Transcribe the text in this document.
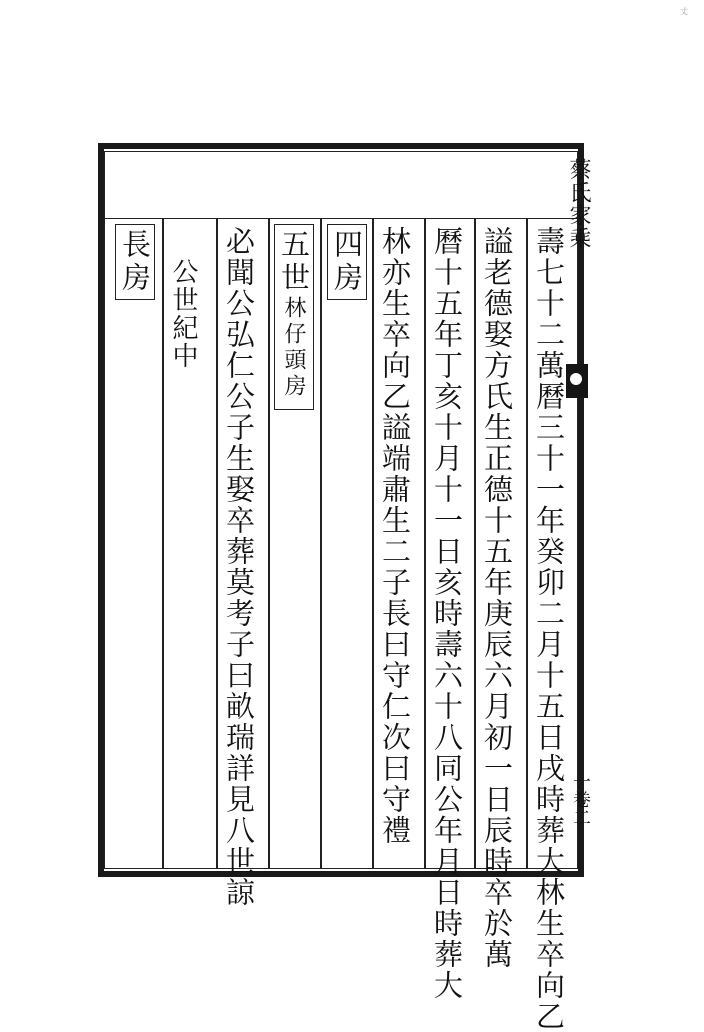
蔡氏家乘
一卷二
丈
壽七十二萬曆三十一年癸卯二月十五日戌時葬大林生卒向乙
謚老德娶方氏生正德十五年庚辰六月初一日辰時卒於萬
曆十五年丁亥十月十一日亥時壽六十八同公年月日時葬大
林亦生卒向乙謚端肅生二子長曰守仁次曰守禮
四房
五世
林仔頭房
必聞公弘仁公子生娶卒葬莫考子曰畝瑞詳見八世諒
長房 公世紀中
